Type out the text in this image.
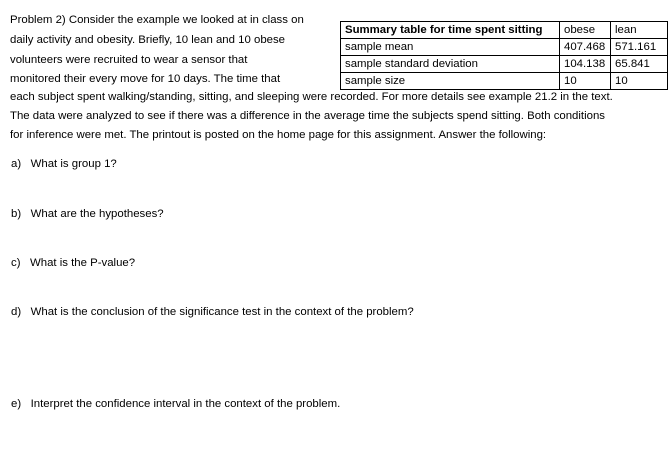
Problem 2) Consider the example we looked at in class on
daily activity and obesity. Briefly, 10 lean and 10 obese
volunteers were recruited to wear a sensor that
monitored their every move for 10 days. The time that
each subject spent walking/standing, sitting, and sleeping were recorded. For more details see example 21.2 in the text.
The data were analyzed to see if there was a difference in the average time the subjects spend sitting. Both conditions
for inference were met. The printout is posted on the home page for this assignment. Answer the following:
Summary table for time spent sitting	obese	lean
sample mean	407.468	571.161
sample standard deviation	104.138	65.841
sample size	10	10
a) What is group 1?
b) What are the hypotheses?
c) What is the P-value?
d) What is the conclusion of the significance test in the context of the problem?
e) Interpret the confidence interval in the context of the problem.
